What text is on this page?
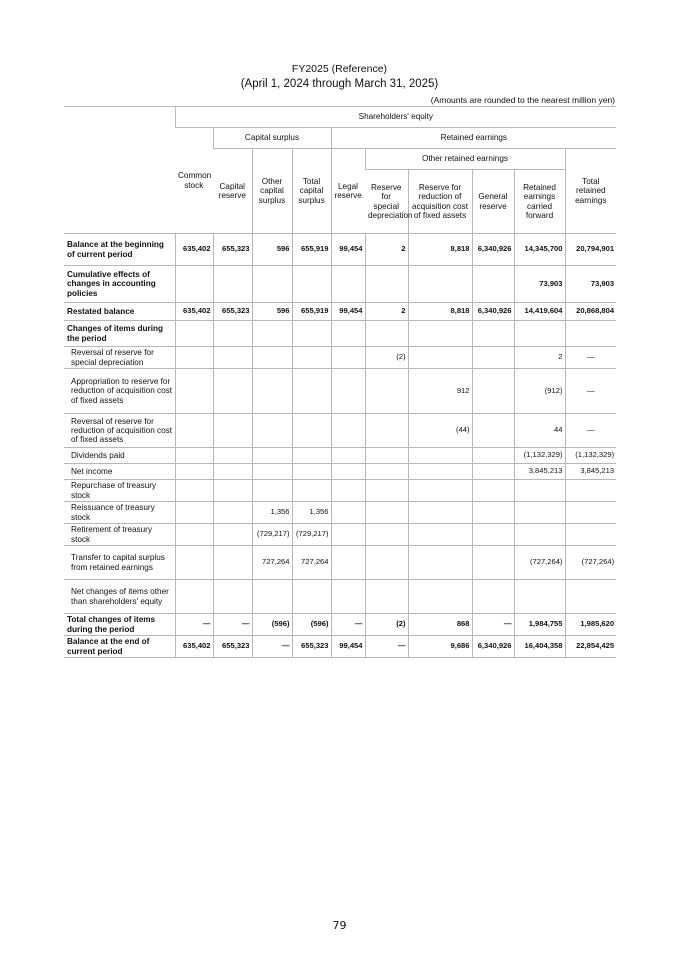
FY2025 (Reference)
(April 1, 2024 through March 31, 2025)
(Amounts are rounded to the nearest million yen)
	Shareholders' equity									
	Common stock	Capital surplus			Retained earnings					
		Capital reserve	Other capital surplus	Total capital surplus	Legal reserve	Other retained earnings				Total retained earnings
						Reserve for special depreciation	Reserve for reduction of acquisition cost of fixed assets	General reserve	Retained earnings carried forward	
Balance at the beginning of current period	635,402	655,323	596	655,919	99,454	2	8,818	6,340,926	14,345,700	20,794,901
Cumulative effects of changes in accounting policies									73,903	73,903
Restated balance	635,402	655,323	596	655,919	99,454	2	8,818	6,340,926	14,419,604	20,868,804
Changes of items during the period										
Reversal of reserve for special depreciation						(2)			2	—
Appropriation to reserve for reduction of acquisition cost of fixed assets							912		(912)	—
Reversal of reserve for reduction of acquisition cost of fixed assets							(44)		44	—
Dividends paid									(1,132,329)	(1,132,329)
Net income									3,845,213	3,845,213
Repurchase of treasury stock										
Reissuance of treasury stock			1,356	1,356						
Retirement of treasury stock			(729,217)	(729,217)						
Transfer to capital surplus from retained earnings			727,264	727,264					(727,264)	(727,264)
Net changes of items other than shareholders' equity										
Total changes of items during the period	—	—	(596)	(596)	—	(2)	868	—	1,984,755	1,985,620
Balance at the end of current period	635,402	655,323	—	655,323	99,454	—	9,686	6,340,926	16,404,358	22,854,425
79
